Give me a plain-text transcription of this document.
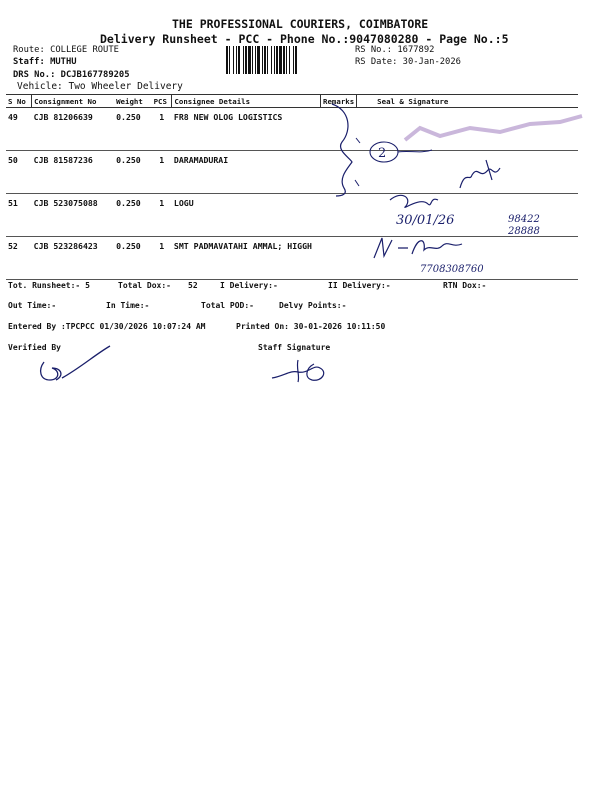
THE PROFESSIONAL COURIERS, COIMBATORE
Delivery Runsheet - PCC - Phone No.:9047080280 - Page No.:5
Route: COLLEGE ROUTE
Staff: MUTHU
DRS No.: DCJB167789205
Vehicle: Two Wheeler Delivery
RS No.: 1677892
RS Date: 30-Jan-2026
S No	Consignment No	Weight	PCS	Consignee Details	Remarks	Seal & Signature
49	CJB 81206639	0.250	1	FR8 NEW OLOG LOGISTICS		
50	CJB 81587236	0.250	1	DARAMADURAI		
51	CJB 523075088	0.250	1	LOGU		
52	CJB 523286423	0.250	1	SMT PADMAVATAHI AMMAL; HIGGH		
2
30/01/26	98422
28888
7708308760
Tot. Runsheet:- 5	Total Dox:- 52	I Delivery:-	II Delivery:-	RTN Dox:-
Out Time:-	In Time:-	Total POD:-	Delvy Points:-
Entered By :TPCPCC 01/30/2026 10:07:24 AM	Printed On: 30-01-2026 10:11:50
Verified By	Staff Signature
